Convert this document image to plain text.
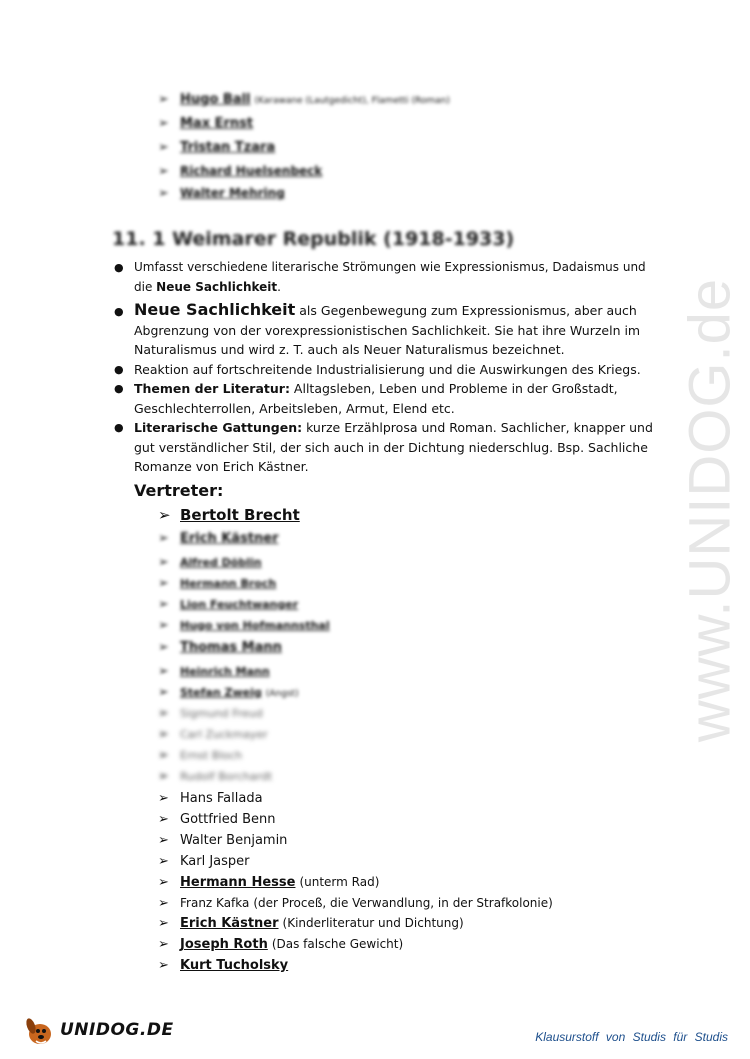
➢ Hugo Ball (Karawane (Lautgedicht), Flametti (Roman)
➢ Max Ernst
➢ Tristan Tzara
➢ Richard Huelsenbeck
➢ Walter Mehring
11. 1 Weimarer Republik (1918-1933)
● Umfasst verschiedene literarische Strömungen wie Expressionismus, Dadaismus und die Neue Sachlichkeit.
● Neue Sachlichkeit als Gegenbewegung zum Expressionismus, aber auch Abgrenzung von der vorexpressionistischen Sachlichkeit. Sie hat ihre Wurzeln im Naturalismus und wird z. T. auch als Neuer Naturalismus bezeichnet.
● Reaktion auf fortschreitende Industrialisierung und die Auswirkungen des Kriegs.
● Themen der Literatur: Alltagsleben, Leben und Probleme in der Großstadt, Geschlechterrollen, Arbeitsleben, Armut, Elend etc.
● Literarische Gattungen: kurze Erzählprosa und Roman. Sachlicher, knapper und gut verständlicher Stil, der sich auch in der Dichtung niederschlug. Bsp. Sachliche Romanze von Erich Kästner.
Vertreter:
➢ Bertolt Brecht
➢ Erich Kästner
➢	Alfred Döblin
➢	Hermann Broch
➢	Lion Feuchtwanger
➢	Hugo von Hofmannsthal
➢ Thomas Mann
➢	Heinrich Mann
➢	Stefan Zweig (Angst)
➢	Sigmund Freud
➢	Carl Zuckmayer
➢	Ernst Bloch
➢	Rudolf Borchardt
➢ Hans Fallada
➢ Gottfried Benn
➢ Walter Benjamin
➢ Karl Jasper
➢ Hermann Hesse (unterm Rad)
➢ Franz Kafka (der Proceß, die Verwandlung, in der Strafkolonie)
➢ Erich Kästner (Kinderliteratur und Dichtung)
➢ Joseph Roth (Das falsche Gewicht)
➢ Kurt Tucholsky
www.UNIDOG.de
UNIDOG.DE	Klausurstoff von Studis für Studis
